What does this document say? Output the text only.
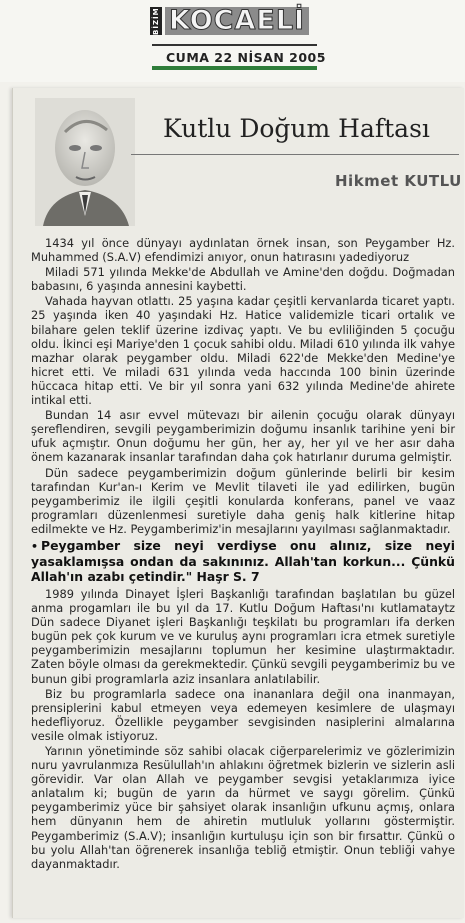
BİZİM KOCAELİ
CUMA 22 NİSAN 2005
Kutlu Doğum Haftası
Hikmet KUTLU

1434 yıl önce dünyayı aydınlatan örnek insan, son Peygamber Hz. Muhammed (S.A.V) efendimizi anıyor, onun hatırasını yadediyoruz

Miladi 571 yılında Mekke'de Abdullah ve Amine'den doğdu. Doğmadan babasını, 6 yaşında annesini kaybetti.

Vahada hayvan otlattı. 25 yaşına kadar çeşitli kervanlarda ticaret yaptı. 25 yaşında iken 40 yaşındaki Hz. Hatice validemizle ticari ortalık ve bilahare gelen teklif üzerine izdivaç yaptı. Ve bu evliliğinden 5 çocuğu oldu. İkinci eşi Mariye'den 1 çocuk sahibi oldu. Miladi 610 yılında ilk vahye mazhar olarak peygamber oldu. Miladi 622'de Mekke'den Medine'ye hicret etti. Ve miladi 631 yılında veda haccında 100 binin üzerinde hüccaca hitap etti. Ve bir yıl sonra yani 632 yılında Medine'de ahirete intikal etti.

Bundan 14 asır evvel mütevazı bir ailenin çocuğu olarak dünyayı şereflendiren, sevgili peygamberimizin doğumu insanlık tarihine yeni bir ufuk açmıştır. Onun doğumu her gün, her ay, her yıl ve her asır daha önem kazanarak insanlar tarafından daha çok hatırlanır duruma gelmiştir.

Dün sadece peygamberimizin doğum günlerinde belirli bir kesim tarafından Kur'an-ı Kerim ve Mevlit tilaveti ile yad edilirken, bugün peygamberimiz ile ilgili çeşitli konularda konferans, panel ve vaaz programları düzenlenmesi suretiyle daha geniş halk kitlerine hitap edilmekte ve Hz. Peygamberimiz'in mesajlarını yayılması sağlanmaktadır.

• Peygamber size neyi verdiyse onu alınız, size neyi yasaklamışsa ondan da sakınınız. Allah'tan korkun... Çünkü Allah'ın azabı çetindir." Haşr S. 7

1989 yılında Dinayet İşleri Başkanlığı tarafından başlatılan bu güzel anma progamları ile bu yıl da 17. Kutlu Doğum Haftası'nı kutlamataytz Dün sadece Diyanet işleri Başkanlığı teşkilatı bu programları ifa derken bugün pek çok kurum ve ve kuruluş aynı programları icra etmek suretiyle peygamberimizin mesajlarını toplumun her kesimine ulaştırmaktadır. Zaten böyle olması da gerekmektedir. Çünkü sevgili peygamberimiz bu ve bunun gibi programlarla aziz insanlara anlatılabilir.

Biz bu programlarla sadece ona inananlara değil ona inanmayan, prensiplerini kabul etmeyen veya edemeyen kesimlere de ulaşmayı hedefliyoruz. Özellikle peygamber sevgisinden nasiplerini almalarına vesile olmak istiyoruz.

Yarının yönetiminde söz sahibi olacak ciğerparelerimiz ve gözlerimizin nuru yavrulanmıza Resülullah'ın ahlakını öğretmek bizlerin ve sizlerin asli görevidir. Var olan Allah ve peygamber sevgisi yetaklarımıza iyice anlatalım ki; bugün de yarın da hürmet ve saygı görelim. Çünkü peygamberimiz yüce bir şahsiyet olarak insanlığın ufkunu açmış, onlara hem dünyanın hem de ahiretin mutluluk yollarını göstermiştir. Peygamberimiz (S.A.V); insanlığın kurtuluşu için son bir fırsattır. Çünkü o bu yolu Allah'tan öğrenerek insanlığa tebliğ etmiştir. Onun tebliği vahye dayanmaktadır.
